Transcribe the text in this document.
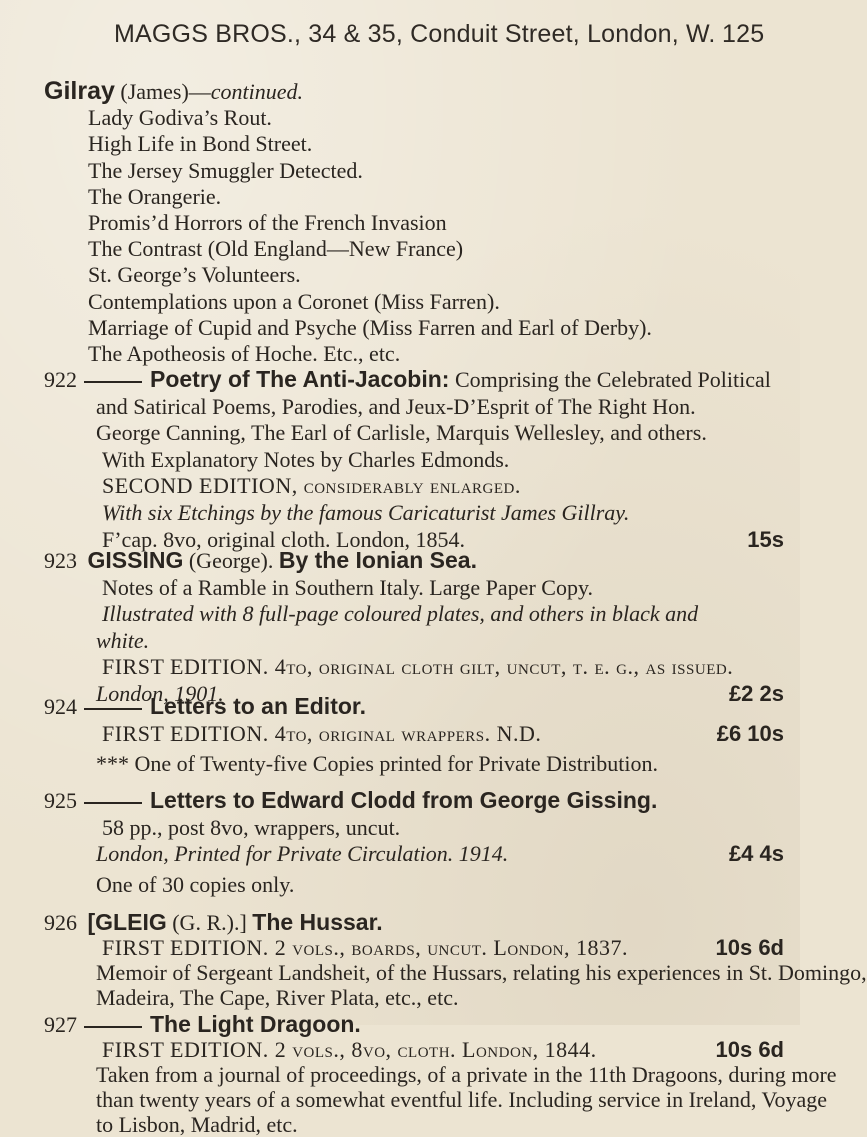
MAGGS BROS., 34 & 35, Conduit Street, London, W. 125
Gilray (James)—continued.
Lady Godiva’s Rout.
High Life in Bond Street.
The Jersey Smuggler Detected.
The Orangerie.
Promis’d Horrors of the French Invasion
The Contrast (Old England—New France)
St. George’s Volunteers.
Contemplations upon a Coronet (Miss Farren).
Marriage of Cupid and Psyche (Miss Farren and Earl of Derby).
The Apotheosis of Hoche. Etc., etc.
922	Poetry of The Anti-Jacobin: Comprising the Celebrated Political
and Satirical Poems, Parodies, and Jeux-D’Esprit of The Right Hon.
George Canning, The Earl of Carlisle, Marquis Wellesley, and others.
With Explanatory Notes by Charles Edmonds.
SECOND EDITION, considerably enlarged.
With six Etchings by the famous Caricaturist James Gillray.
F’cap. 8vo, original cloth. London, 1854.	15s
923 GISSING (George). By the Ionian Sea.
Notes of a Ramble in Southern Italy. Large Paper Copy.
Illustrated with 8 full-page coloured plates, and others in black and
white.
FIRST EDITION. 4to, original cloth gilt, uncut, t. e. g., as issued.
London, 1901.	£2 2s
924	Letters to an Editor.
FIRST EDITION. 4to, original wrappers. N.D.	£6 10s
*** One of Twenty-five Copies printed for Private Distribution.
925	Letters to Edward Clodd from George Gissing.
58 pp., post 8vo, wrappers, uncut.
London, Printed for Private Circulation. 1914.	£4 4s
One of 30 copies only.
926 [GLEIG (G. R.).] The Hussar.
FIRST EDITION. 2 vols., boards, uncut. London, 1837.	10s 6d
Memoir of Sergeant Landsheit, of the Hussars, relating his experiences in St. Domingo,
Madeira, The Cape, River Plata, etc., etc.
927	The Light Dragoon.
FIRST EDITION. 2 vols., 8vo, cloth. London, 1844.	10s 6d
Taken from a journal of proceedings, of a private in the 11th Dragoons, during more
than twenty years of a somewhat eventful life. Including service in Ireland, Voyage
to Lisbon, Madrid, etc.
